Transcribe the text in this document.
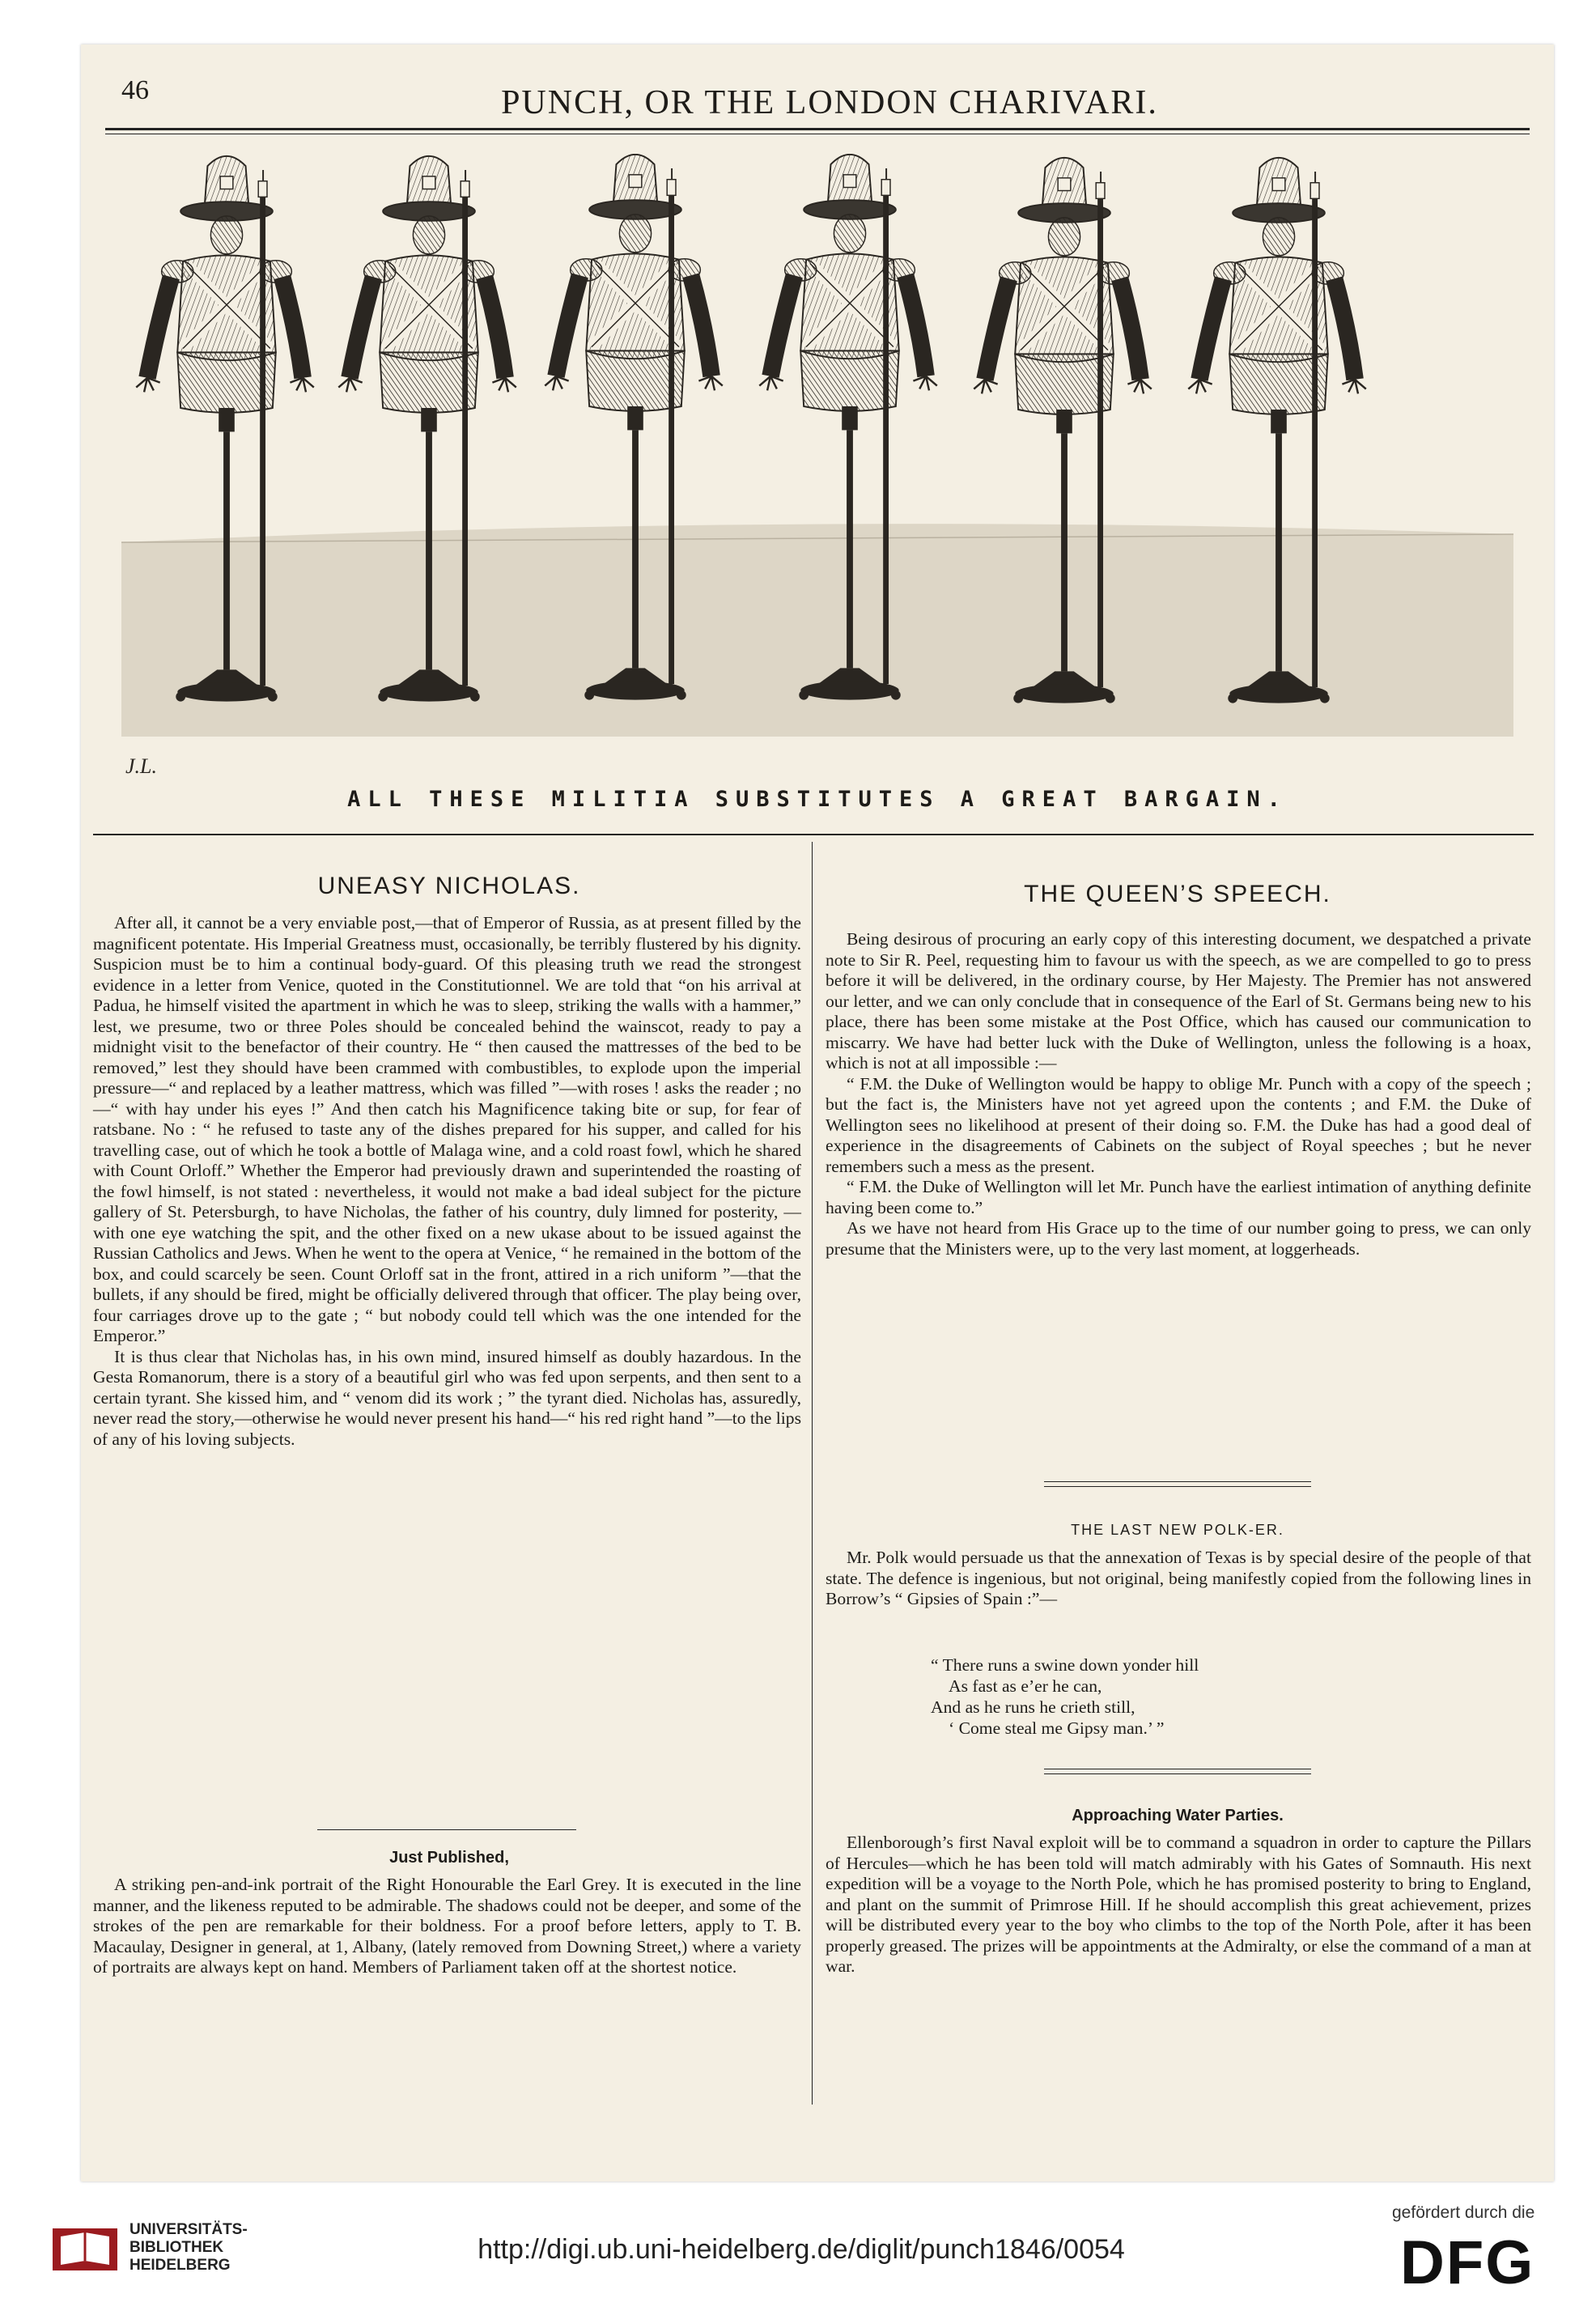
46	PUNCH, OR THE LONDON CHARIVARI.
J.L.
ALL THESE MILITIA SUBSTITUTES A GREAT BARGAIN.
UNEASY NICHOLAS.

After all, it cannot be a very enviable post,—that of Emperor of Russia, as at present filled by the magnificent potentate. His Imperial Greatness must, occasionally, be terribly flustered by his dignity. Suspicion must be to him a continual body-guard. Of this pleasing truth we read the strongest evidence in a letter from Venice, quoted in the Constitutionnel. We are told that “on his arrival at Padua, he himself visited the apartment in which he was to sleep, striking the walls with a hammer,” lest, we presume, two or three Poles should be concealed behind the wainscot, ready to pay a midnight visit to the benefactor of their country. He “ then caused the mattresses of the bed to be removed,” lest they should have been crammed with combustibles, to explode upon the imperial pressure—“ and replaced by a leather mattress, which was filled ”—with roses ! asks the reader ; no—“ with hay under his eyes !” And then catch his Magnificence taking bite or sup, for fear of ratsbane. No : “ he refused to taste any of the dishes prepared for his supper, and called for his travelling case, out of which he took a bottle of Malaga wine, and a cold roast fowl, which he shared with Count Orloff.” Whether the Emperor had previously drawn and superintended the roasting of the fowl himself, is not stated : nevertheless, it would not make a bad ideal subject for the picture gallery of St. Petersburgh, to have Nicholas, the father of his country, duly limned for posterity, —with one eye watching the spit, and the other fixed on a new ukase about to be issued against the Russian Catholics and Jews. When he went to the opera at Venice, “ he remained in the bottom of the box, and could scarcely be seen. Count Orloff sat in the front, attired in a rich uniform ”—that the bullets, if any should be fired, might be officially delivered through that officer. The play being over, four carriages drove up to the gate ; “ but nobody could tell which was the one intended for the Emperor.”

It is thus clear that Nicholas has, in his own mind, insured himself as doubly hazardous. In the Gesta Romanorum, there is a story of a beautiful girl who was fed upon serpents, and then sent to a certain tyrant. She kissed him, and “ venom did its work ; ” the tyrant died. Nicholas has, assuredly, never read the story,—otherwise he would never present his hand—“ his red right hand ”—to the lips of any of his loving subjects.

Just Published,

A striking pen-and-ink portrait of the Right Honourable the Earl Grey. It is executed in the line manner, and the likeness reputed to be admirable. The shadows could not be deeper, and some of the strokes of the pen are remarkable for their boldness. For a proof before letters, apply to T. B. Macaulay, Designer in general, at 1, Albany, (lately removed from Downing Street,) where a variety of portraits are always kept on hand. Members of Parliament taken off at the shortest notice.

THE QUEEN’S SPEECH.

Being desirous of procuring an early copy of this interesting document, we despatched a private note to Sir R. Peel, requesting him to favour us with the speech, as we are compelled to go to press before it will be delivered, in the ordinary course, by Her Majesty. The Premier has not answered our letter, and we can only conclude that in consequence of the Earl of St. Germans being new to his place, there has been some mistake at the Post Office, which has caused our communication to miscarry. We have had better luck with the Duke of Wellington, unless the following is a hoax, which is not at all impossible :—

“ F.M. the Duke of Wellington would be happy to oblige Mr. Punch with a copy of the speech ; but the fact is, the Ministers have not yet agreed upon the contents ; and F.M. the Duke of Wellington sees no likelihood at present of their doing so. F.M. the Duke has had a good deal of experience in the disagreements of Cabinets on the subject of Royal speeches ; but he never remembers such a mess as the present.

“ F.M. the Duke of Wellington will let Mr. Punch have the earliest intimation of anything definite having been come to.”

As we have not heard from His Grace up to the time of our number going to press, we can only presume that the Ministers were, up to the very last moment, at loggerheads.

THE LAST NEW POLK-ER.

Mr. Polk would persuade us that the annexation of Texas is by special desire of the people of that state. The defence is ingenious, but not original, being manifestly copied from the following lines in Borrow’s “ Gipsies of Spain :”—

“ There runs a swine down yonder hill
As fast as e’er he can,
And as he runs he crieth still,
‘ Come steal me Gipsy man.’ ”
Approaching Water Parties.

Ellenborough’s first Naval exploit will be to command a squadron in order to capture the Pillars of Hercules—which he has been told will match admirably with his Gates of Somnauth. His next expedition will be a voyage to the North Pole, which he has promised posterity to bring to England, and plant on the summit of Primrose Hill. If he should accomplish this great achievement, prizes will be distributed every year to the boy who climbs to the top of the North Pole, after it has been properly greased. The prizes will be appointments at the Admiralty, or else the command of a man at war.

UNIVERSITÄTS-
BIBLIOTHEK
HEIDELBERG
http://digi.ub.uni-heidelberg.de/diglit/punch1846/0054
gefördert durch die
DFG
